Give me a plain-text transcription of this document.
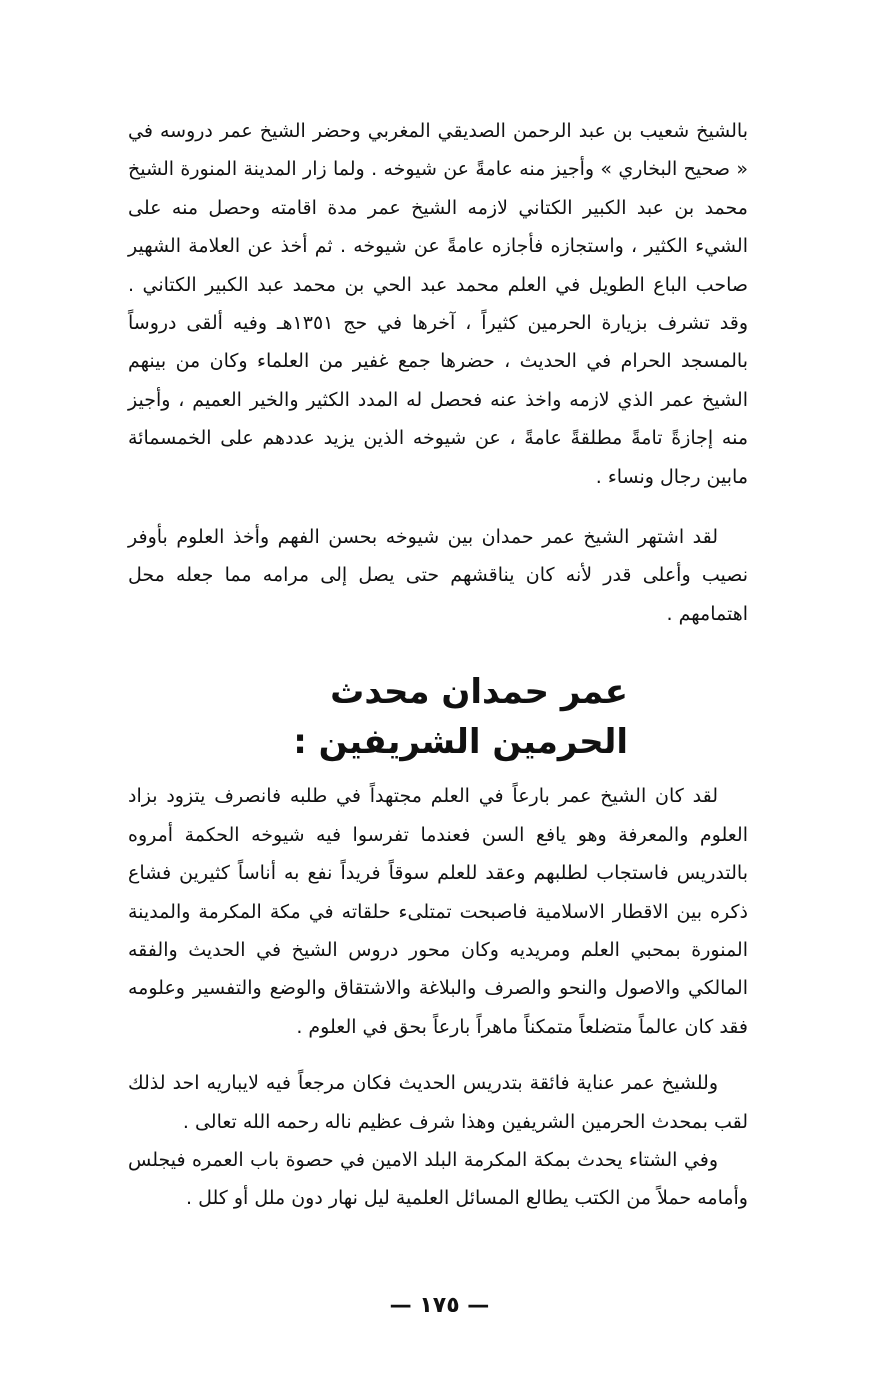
بالشيخ شعيب بن عبد الرحمن الصديقي المغربي وحضر الشيخ عمر دروسه في « صحيح البخاري » وأجيز منه عامةً عن شيوخه . ولما زار المدينة المنورة الشيخ محمد بن عبد الكبير الكتاني لازمه الشيخ عمر مدة اقامته وحصل منه على الشيء الكثير ، واستجازه فأجازه عامةً عن شيوخه . ثم أخذ عن العلامة الشهير صاحب الباع الطويل في العلم محمد عبد الحي بن محمد عبد الكبير الكتاني . وقد تشرف بزيارة الحرمين كثيراً ، آخرها في حج ١٣٥١هـ وفيه ألقى دروساً بالمسجد الحرام في الحديث ، حضرها جمع غفير من العلماء وكان من بينهم الشيخ عمر الذي لازمه واخذ عنه فحصل له المدد الكثير والخير العميم ، وأجيز منه إجازةً تامةً مطلقةً عامةً ، عن شيوخه الذين يزيد عددهم على الخمسمائة مابين رجال ونساء .

لقد اشتهر الشيخ عمر حمدان بين شيوخه بحسن الفهم وأخذ العلوم بأوفر نصيب وأعلى قدر لأنه كان يناقشهم حتى يصل إلى مرامه مما جعله محل اهتمامهم .

عمر حمدان محدث
الحرمين الشريفين :

لقد كان الشيخ عمر بارعاً في العلم مجتهداً في طلبه فانصرف يتزود بزاد العلوم والمعرفة وهو يافع السن فعندما تفرسوا فيه شيوخه الحكمة أمروه بالتدريس فاستجاب لطلبهم وعقد للعلم سوقاً فريداً نفع به أناساً كثيرين فشاع ذكره بين الاقطار الاسلامية فاصبحت تمتلىء حلقاته في مكة المكرمة والمدينة المنورة بمحبي العلم ومريديه وكان محور دروس الشيخ في الحديث والفقه المالكي والاصول والنحو والصرف والبلاغة والاشتقاق والوضع والتفسير وعلومه فقد كان عالماً متضلعاً متمكناً ماهراً بارعاً بحق في العلوم .

وللشيخ عمر عناية فائقة بتدريس الحديث فكان مرجعاً فيه لايباريه احد لذلك لقب بمحدث الحرمين الشريفين وهذا شرف عظيم ناله رحمه الله تعالى .

وفي الشتاء يحدث بمكة المكرمة البلد الامين في حصوة باب العمره فيجلس وأمامه حملاً من الكتب يطالع المسائل العلمية ليل نهار دون ملل أو كلل .

— ١٧٥ —
